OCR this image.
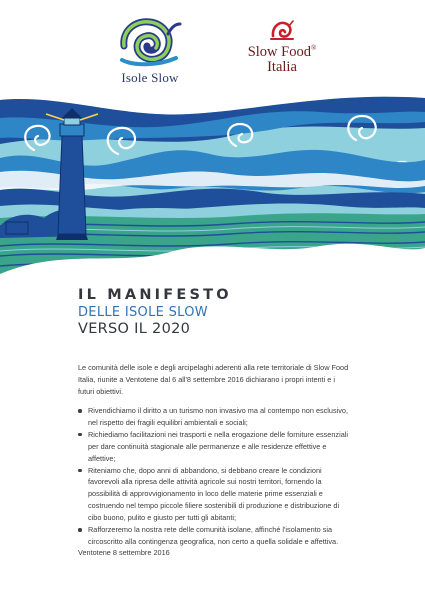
Isole Slow
Slow Food®
Italia
IL MANIFESTO
DELLE ISOLE SLOW
VERSO IL 2020
Le comunità delle isole e degli arcipelaghi aderenti alla rete territoriale di Slow Food Italia, riunite a Ventotene dal 6 all'8 settembre 2016 dichiarano i propri intenti e i futuri obiettivi.
Rivendichiamo il diritto a un turismo non invasivo ma al contempo non esclusivo, nel rispetto dei fragili equilibri ambientali e sociali;
Richiediamo facilitazioni nei trasporti e nella erogazione delle forniture essenziali per dare continuità stagionale alle permanenze e alle residenze effettive e affettive;
Riteniamo che, dopo anni di abbandono, si debbano creare le condizioni favorevoli alla ripresa delle attività agricole sui nostri territori, fornendo la possibilità di approvvigionamento in loco delle materie prime essenziali e costruendo nel tempo piccole filiere sostenibili di produzione e distribuzione di cibo buono, pulito e giusto per tutti gli abitanti;
Rafforzeremo la nostra rete delle comunità isolane, affinché l'isolamento sia circoscritto alla contingenza geografica, non certo a quella solidale e affettiva.
Ventotene 8 settembre 2016
